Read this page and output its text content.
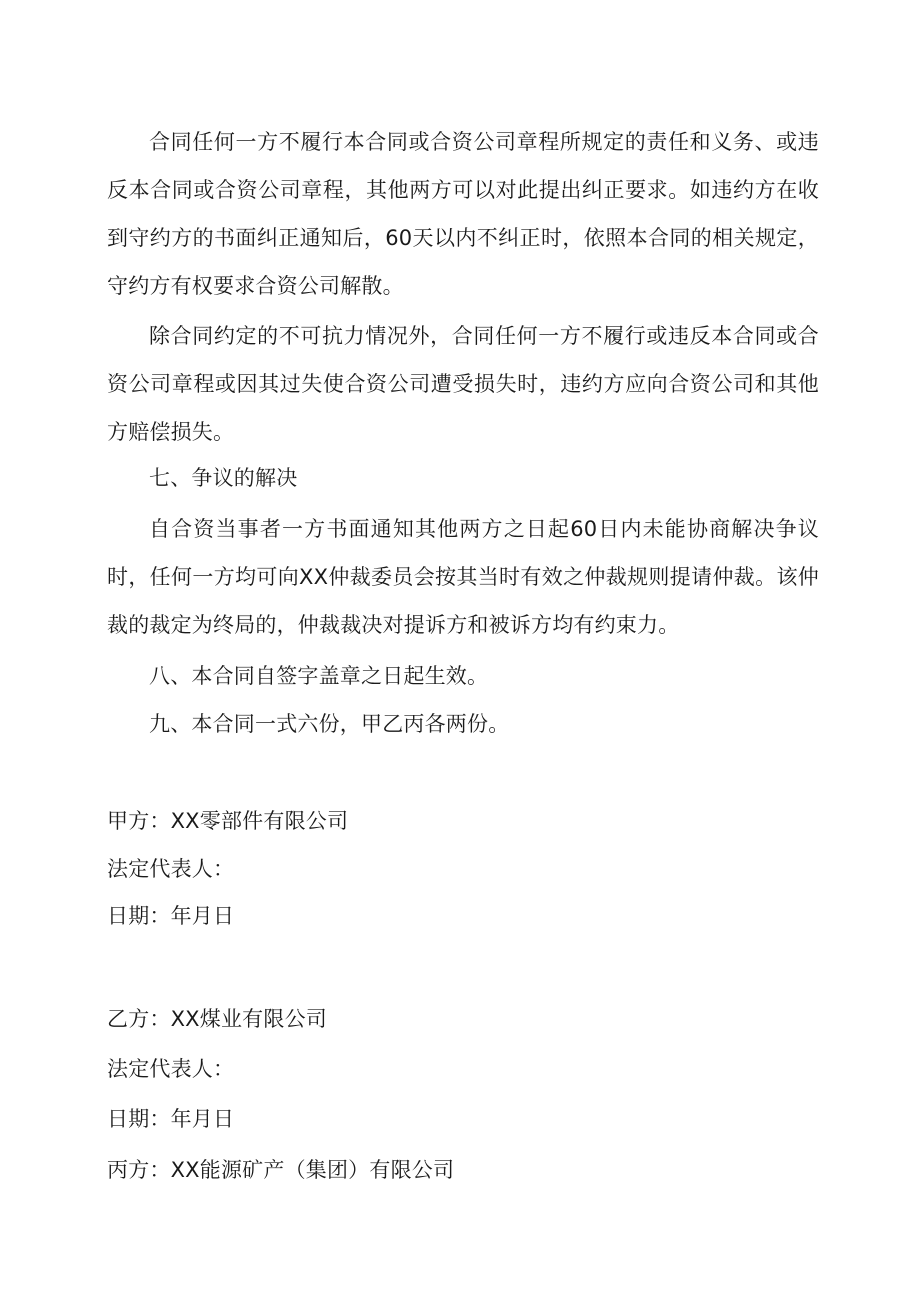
合同任何一方不履行本合同或合资公司章程所规定的责任和义务、或违反本合同或合资公司章程，其他两方可以对此提出纠正要求。如违约方在收到守约方的书面纠正通知后，60天以内不纠正时，依照本合同的相关规定，守约方有权要求合资公司解散。

除合同约定的不可抗力情况外，合同任何一方不履行或违反本合同或合资公司章程或因其过失使合资公司遭受损失时，违约方应向合资公司和其他方赔偿损失。

七、争议的解决

自合资当事者一方书面通知其他两方之日起60日内未能协商解决争议时，任何一方均可向XX仲裁委员会按其当时有效之仲裁规则提请仲裁。该仲裁的裁定为终局的，仲裁裁决对提诉方和被诉方均有约束力。

八、本合同自签字盖章之日起生效。

九、本合同一式六份，甲乙丙各两份。

甲方：XX零部件有限公司

法定代表人：

日期：年月日

乙方：XX煤业有限公司

法定代表人：

日期：年月日

丙方：XX能源矿产（集团）有限公司
